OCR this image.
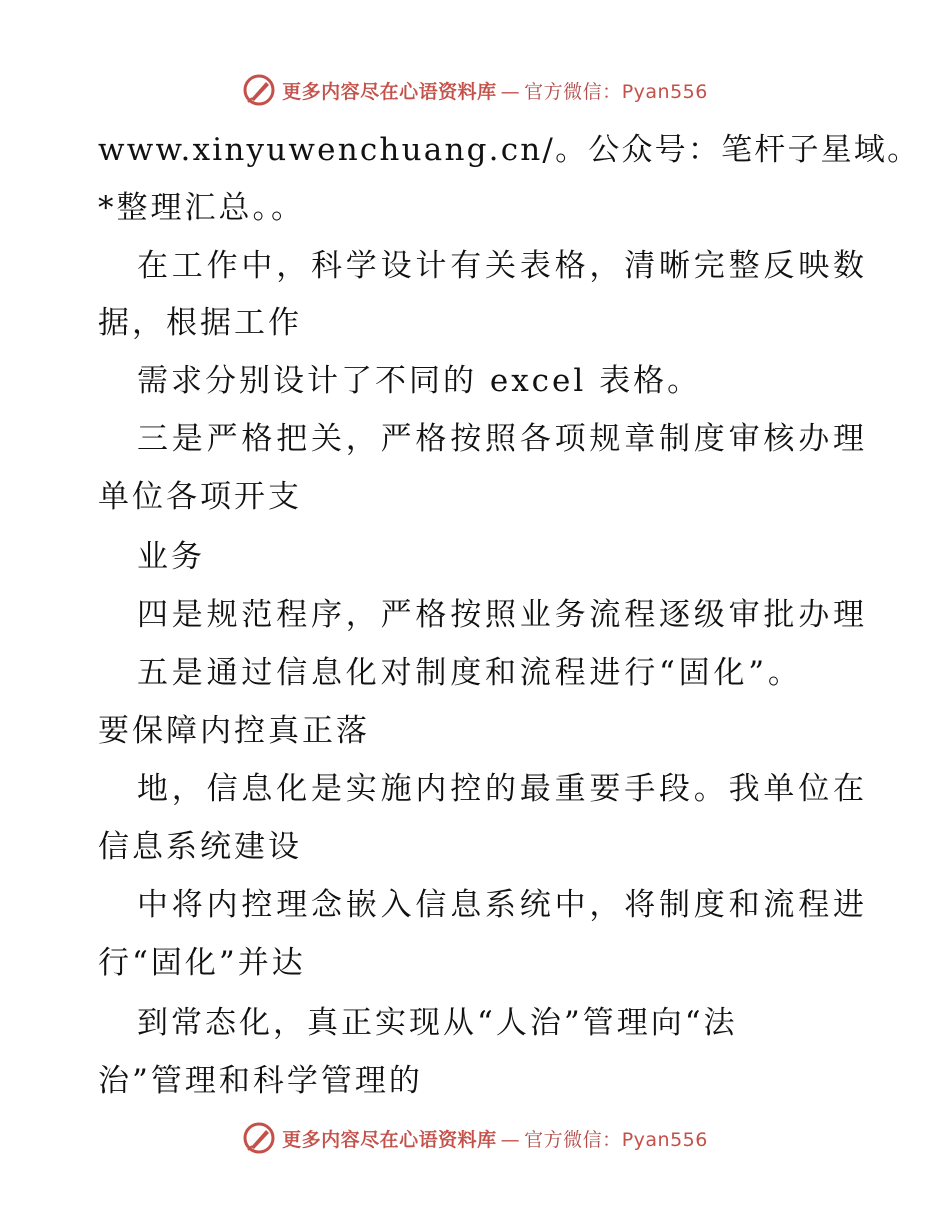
更多内容尽在心语资料库 — 官方微信：Pyan556
www.xinyuwenchuang.cn/。公众号：笔杆子星域。
*整理汇总。。
在工作中，科学设计有关表格，清晰完整反映数
据，根据工作
需求分别设计了不同的 excel 表格。
三是严格把关，严格按照各项规章制度审核办理
单位各项开支
业务
四是规范程序，严格按照业务流程逐级审批办理
五是通过信息化对制度和流程进行“固化”。
要保障内控真正落
地，信息化是实施内控的最重要手段。我单位在
信息系统建设
中将内控理念嵌入信息系统中，将制度和流程进
行“固化”并达
到常态化，真正实现从“人治”管理向“法
治”管理和科学管理的
更多内容尽在心语资料库 — 官方微信：Pyan556
